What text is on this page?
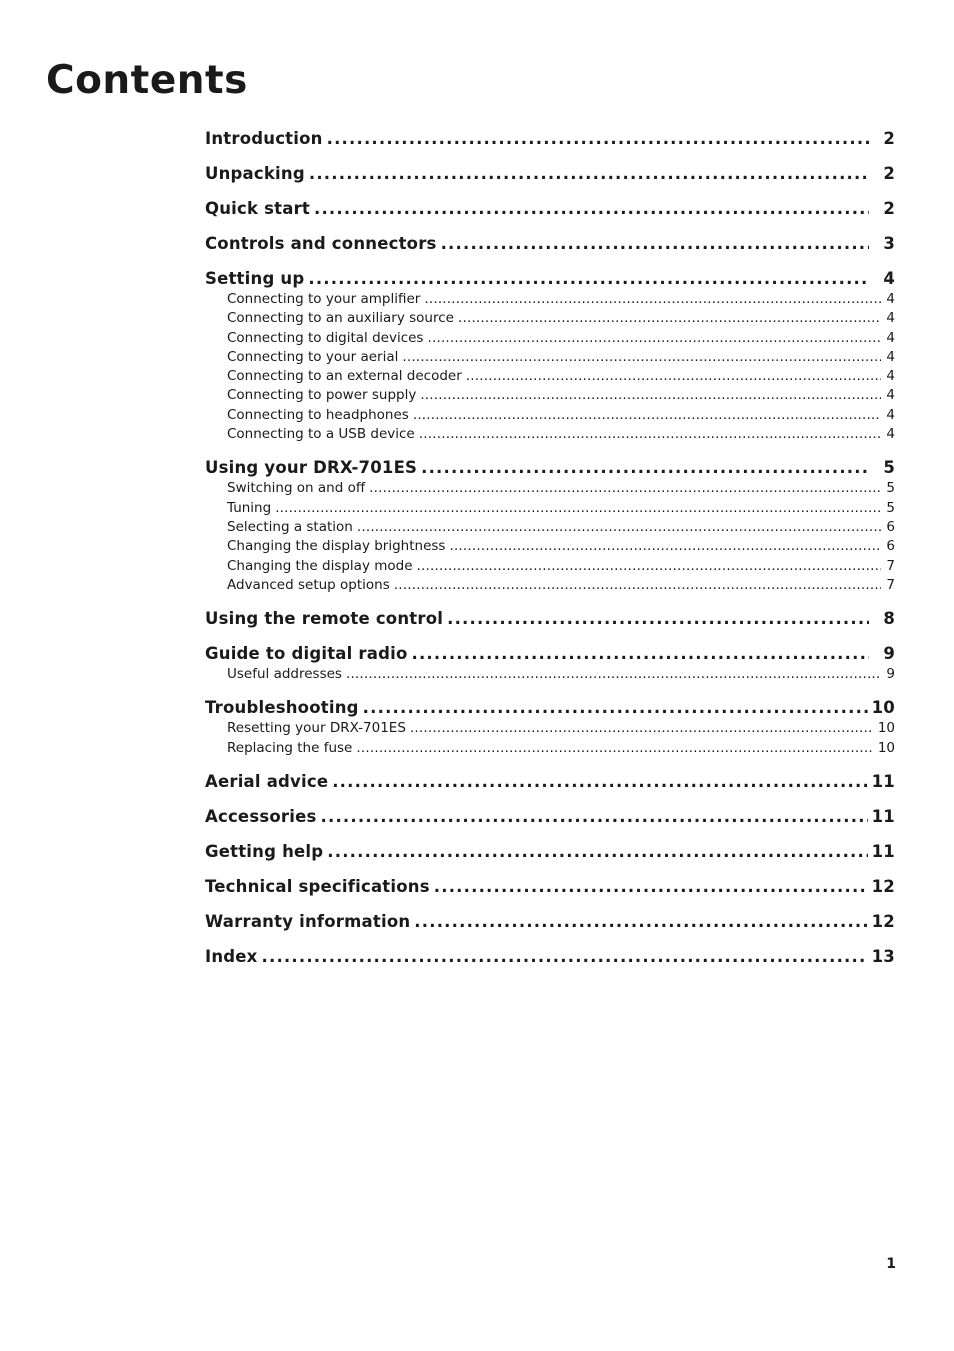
Contents
Introduction .....	2
Unpacking .....	2
Quick start .....	2
Controls and connectors .....	3
Setting up .....	4
Connecting to your amplifier .....	4
Connecting to an auxiliary source .....	4
Connecting to digital devices .....	4
Connecting to your aerial .....	4
Connecting to an external decoder .....	4
Connecting to power supply .....	4
Connecting to headphones .....	4
Connecting to a USB device .....	4
Using your DRX-701ES .....	5
Switching on and off .....	5
Tuning .....	5
Selecting a station .....	6
Changing the display brightness .....	6
Changing the display mode .....	7
Advanced setup options .....	7
Using the remote control .....	8
Guide to digital radio .....	9
Useful addresses .....	9
Troubleshooting .....	10
Resetting your DRX-701ES .....	10
Replacing the fuse .....	10
Aerial advice .....	11
Accessories .....	11
Getting help .....	11
Technical specifications .....	12
Warranty information .....	12
Index .....	13
1
